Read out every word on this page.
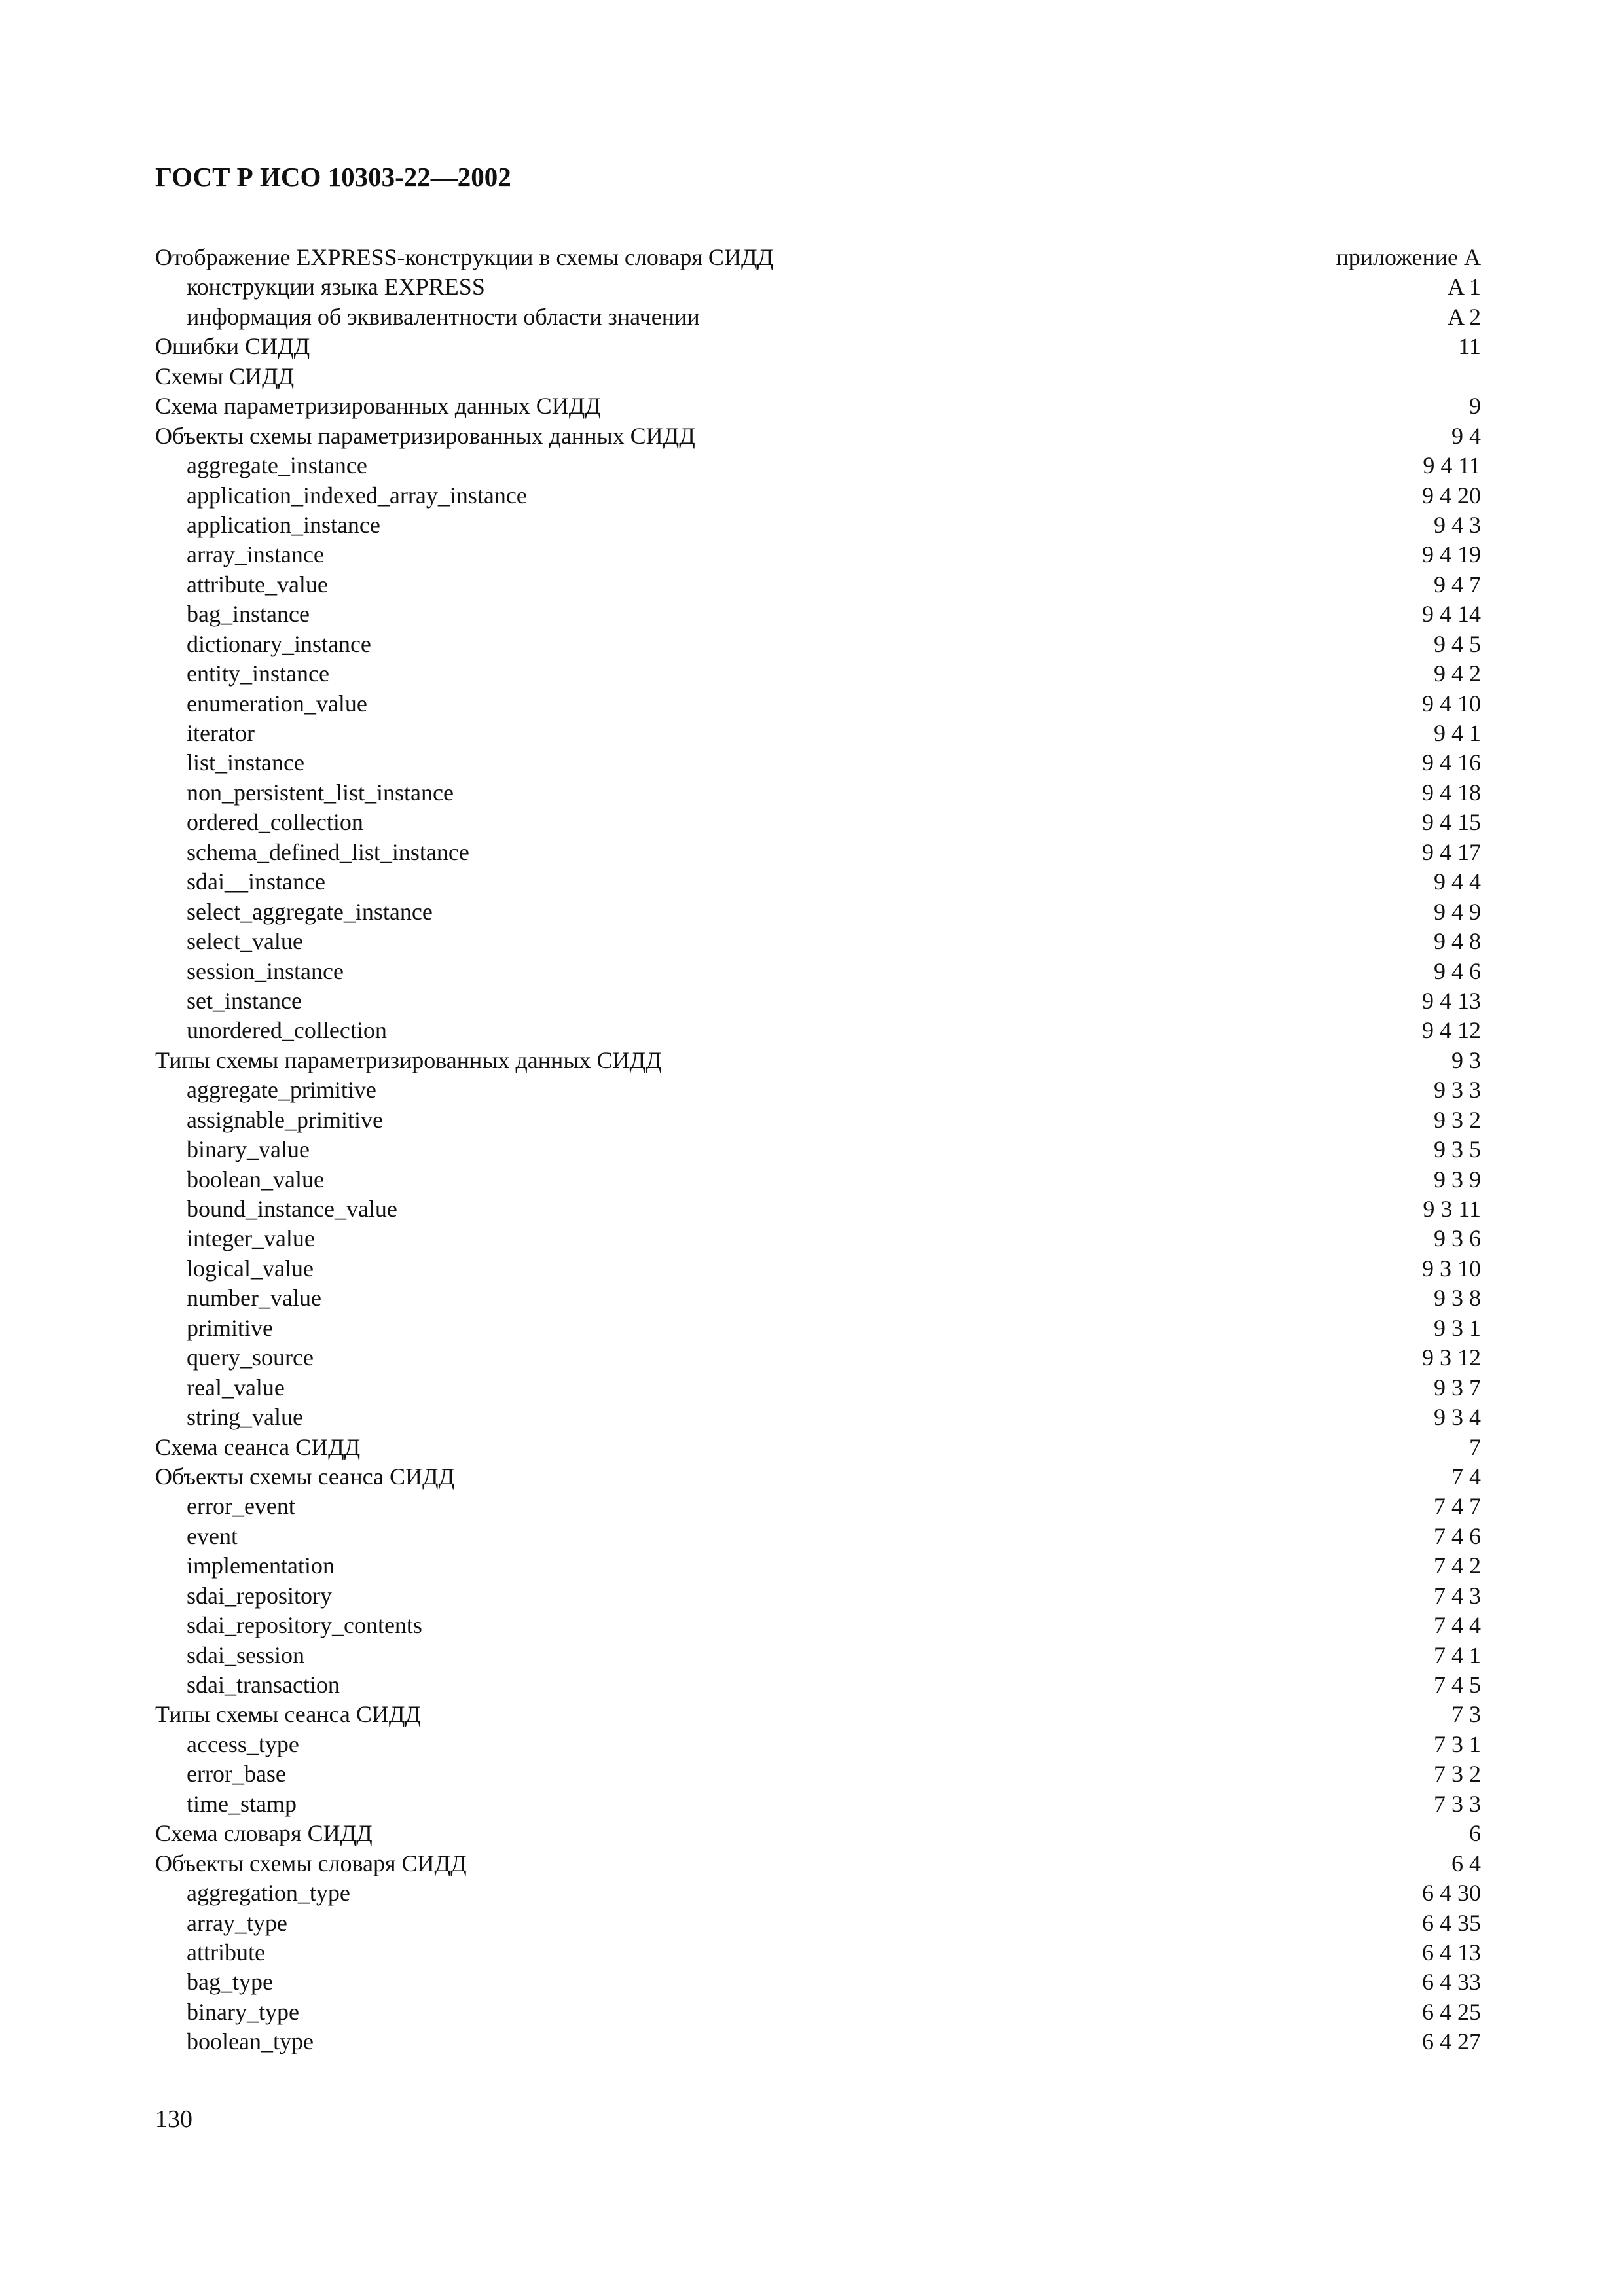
ГОСТ Р ИСО 10303-22—2002
Отображение EXPRESS-конструкции в схемы словаря СИДД	приложение A
конструкции языка EXPRESS	A 1
информация об эквивалентности области значении	A 2
Ошибки СИДД	11
Схемы СИДД
Схема параметризированных данных СИДД	9
Объекты схемы параметризированных данных СИДД	9 4
aggregate_instance	9 4 11
application_indexed_array_instance	9 4 20
application_instance	9 4 3
array_instance	9 4 19
attribute_value	9 4 7
bag_instance	9 4 14
dictionary_instance	9 4 5
entity_instance	9 4 2
enumeration_value	9 4 10
iterator	9 4 1
list_instance	9 4 16
non_persistent_list_instance	9 4 18
ordered_collection	9 4 15
schema_defined_list_instance	9 4 17
sdai__instance	9 4 4
select_aggregate_instance	9 4 9
select_value	9 4 8
session_instance	9 4 6
set_instance	9 4 13
unordered_collection	9 4 12
Типы схемы параметризированных данных СИДД	9 3
aggregate_primitive	9 3 3
assignable_primitive	9 3 2
binary_value	9 3 5
boolean_value	9 3 9
bound_instance_value	9 3 11
integer_value	9 3 6
logical_value	9 3 10
number_value	9 3 8
primitive	9 3 1
query_source	9 3 12
real_value	9 3 7
string_value	9 3 4
Схема сеанса СИДД	7
Объекты схемы сеанса СИДД	7 4
error_event	7 4 7
event	7 4 6
implementation	7 4 2
sdai_repository	7 4 3
sdai_repository_contents	7 4 4
sdai_session	7 4 1
sdai_transaction	7 4 5
Типы схемы сеанса СИДД	7 3
access_type	7 3 1
error_base	7 3 2
time_stamp	7 3 3
Схема словаря СИДД	6
Объекты схемы словаря СИДД	6 4
aggregation_type	6 4 30
array_type	6 4 35
attribute	6 4 13
bag_type	6 4 33
binary_type	6 4 25
boolean_type	6 4 27
130
